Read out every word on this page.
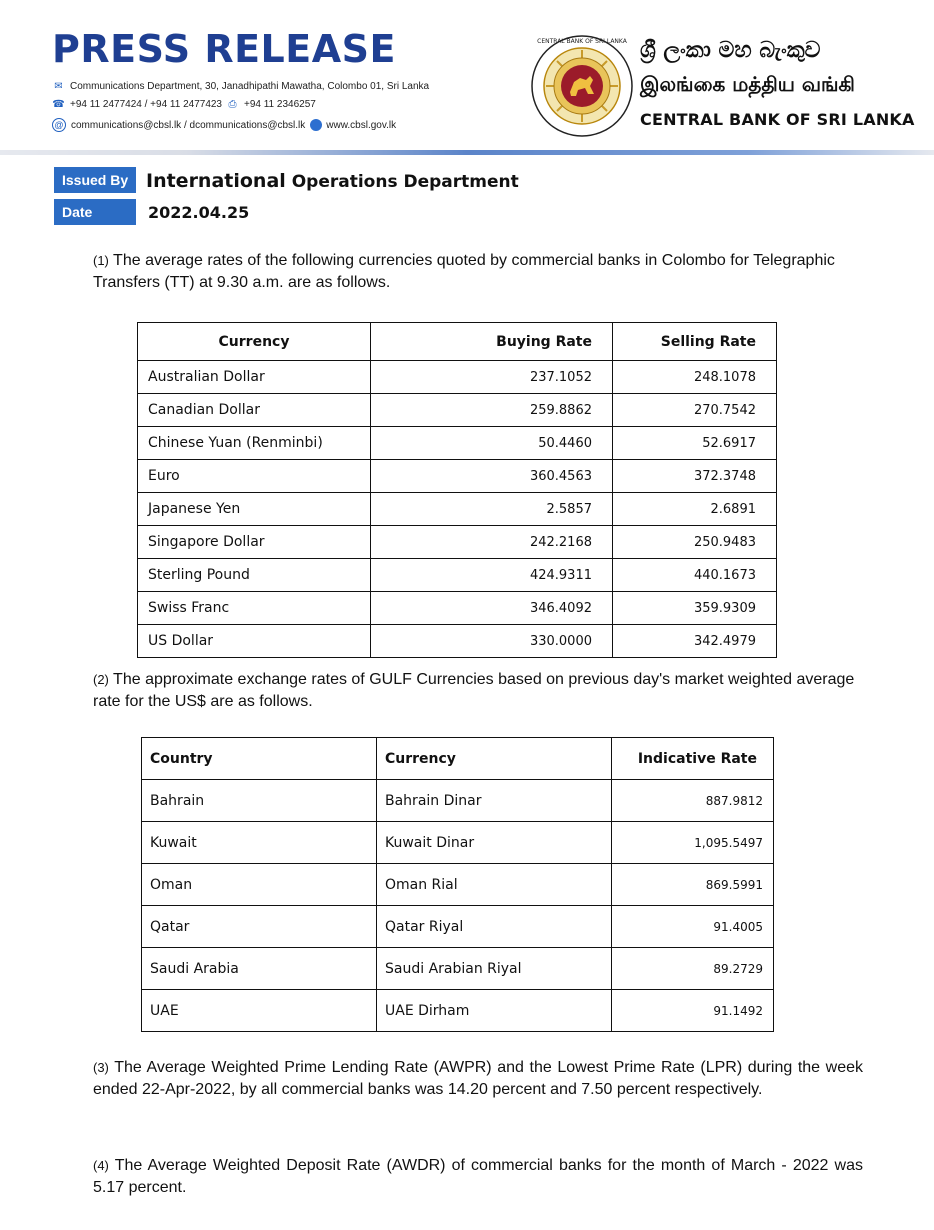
PRESS RELEASE
✉ Communications Department, 30, Janadhipathi Mawatha, Colombo 01, Sri Lanka
☎ +94 11 2477424 / +94 11 2477423 ⎙ +94 11 2346257
@ communications@cbsl.lk / dcommunications@cbsl.lk www.cbsl.gov.lk
CENTRAL BANK OF SRI LANKA ශ්‍රී ලංකා මහ බැංකුව
இலங்கை மத்திய வங்கி
CENTRAL BANK OF SRI LANKA
Issued By International Operations Department
Date	2022.04.25
(1) The average rates of the following currencies quoted by commercial banks in Colombo for Telegraphic Transfers (TT) at 9.30 a.m. are as follows.
Currency	Buying Rate	Selling Rate
Australian Dollar	237.1052	248.1078
Canadian Dollar	259.8862	270.7542
Chinese Yuan (Renminbi)	50.4460	52.6917
Euro	360.4563	372.3748
Japanese Yen	2.5857	2.6891
Singapore Dollar	242.2168	250.9483
Sterling Pound	424.9311	440.1673
Swiss Franc	346.4092	359.9309
US Dollar	330.0000	342.4979
(2) The approximate exchange rates of GULF Currencies based on previous day's market weighted average rate for the US$ are as follows.
Country	Currency	Indicative Rate
Bahrain	Bahrain Dinar	887.9812
Kuwait	Kuwait Dinar	1,095.5497
Oman	Oman Rial	869.5991
Qatar	Qatar Riyal	91.4005
Saudi Arabia	Saudi Arabian Riyal	89.2729
UAE	UAE Dirham	91.1492
(3) The Average Weighted Prime Lending Rate (AWPR) and the Lowest Prime Rate (LPR) during the week ended 22-Apr-2022, by all commercial banks was 14.20 percent and 7.50 percent respectively.
(4) The Average Weighted Deposit Rate (AWDR) of commercial banks for the month of March - 2022 was 5.17 percent.
